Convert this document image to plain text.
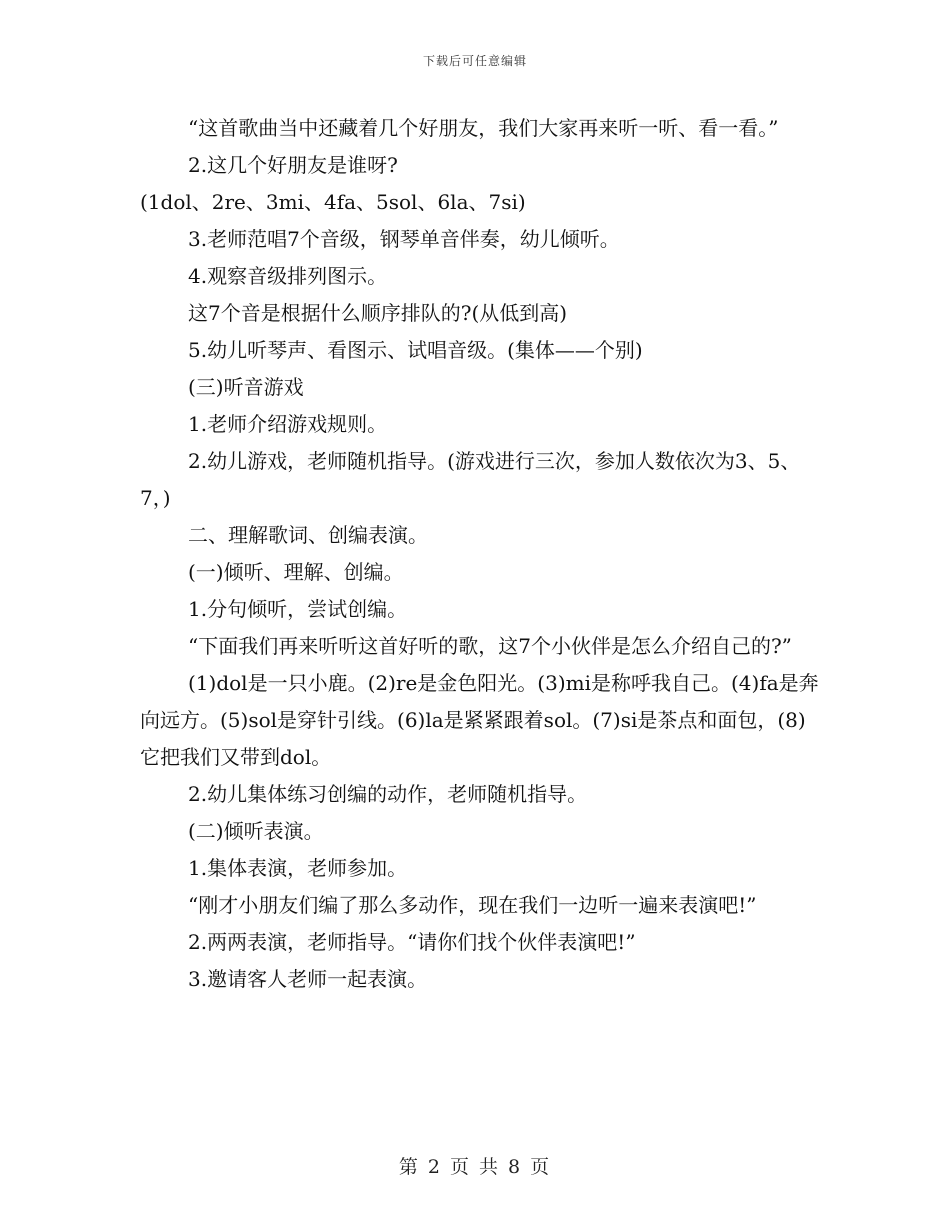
下载后可任意编辑

“这首歌曲当中还藏着几个好朋友，我们大家再来听一听、看一看。”

2.这几个好朋友是谁呀?

(1dol、2re、3mi、4fa、5sol、6la、7si)

3.老师范唱7个音级，钢琴单音伴奏，幼儿倾听。

4.观察音级排列图示。

这7个音是根据什么顺序排队的?(从低到高)

5.幼儿听琴声、看图示、试唱音级。(集体——个别)

(三)听音游戏

1.老师介绍游戏规则。

2.幼儿游戏，老师随机指导。(游戏进行三次，参加人数依次为3、5、7，)

二、理解歌词、创编表演。

(一)倾听、理解、创编。

1.分句倾听，尝试创编。

“下面我们再来听听这首好听的歌，这7个小伙伴是怎么介绍自己的?”

(1)dol是一只小鹿。(2)re是金色阳光。(3)mi是称呼我自己。(4)fa是奔向远方。(5)sol是穿针引线。(6)la是紧紧跟着sol。(7)si是茶点和面包，(8)它把我们又带到dol。

2.幼儿集体练习创编的动作，老师随机指导。

(二)倾听表演。

1.集体表演，老师参加。

“刚才小朋友们编了那么多动作，现在我们一边听一遍来表演吧!”

2.两两表演，老师指导。“请你们找个伙伴表演吧!”

3.邀请客人老师一起表演。

第 2 页 共 8 页
